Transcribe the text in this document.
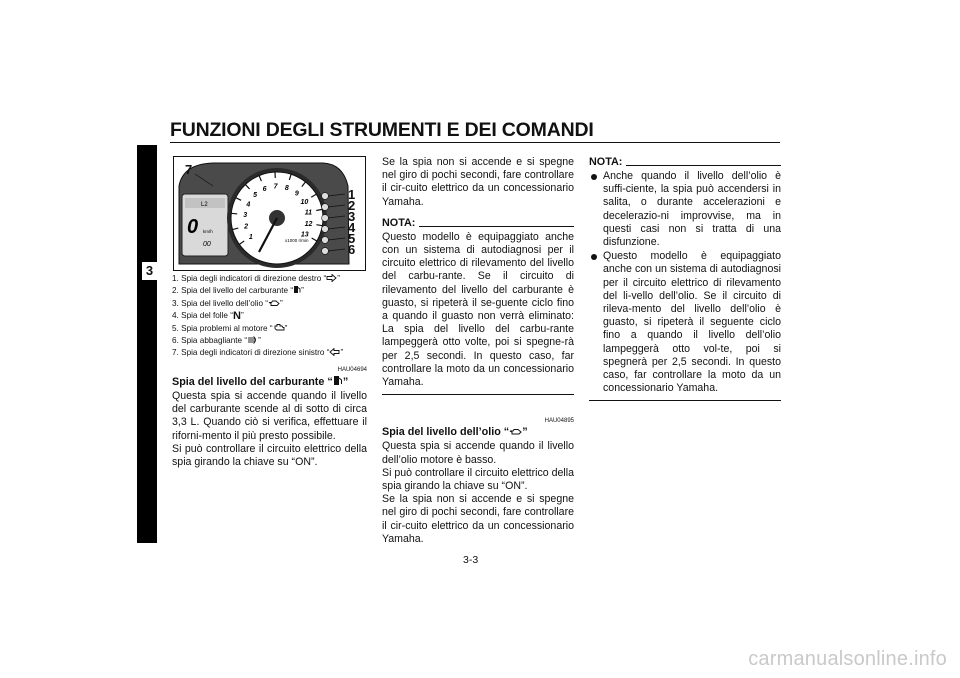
FUNZIONI DEGLI STRUMENTI E DEI COMANDI
3
1
2
3
4
5
6 7 8
9
10
11
12
13
x1000 r/min
0 km/h
L2
00
1
2
3
4
5
6
7
1. Spia degli indicatori di direzione destro “ ”
2. Spia del livello del carburante “ ”
3. Spia del livello dell’olio “ ”
4. Spia del folle “N”
5. Spia problemi al motore “ ”
6. Spia abbagliante “ ”
7. Spia degli indicatori di direzione sinistro “ ”
HAU04694
Spia del livello del carburante “ ”

Questa spia si accende quando il livello del carburante scende al di sotto di circa 3,3 L. Quando ciò si verifica, effettuare il riforni-mento il più presto possibile.

Si può controllare il circuito elettrico della spia girando la chiave su “ON”.

Se la spia non si accende e si spegne nel giro di pochi secondi, fare controllare il cir-cuito elettrico da un concessionario Yamaha.

NOTA:

Questo modello è equipaggiato anche con un sistema di autodiagnosi per il circuito elettrico di rilevamento del livello del carbu-rante. Se il circuito di rilevamento del livello del carburante è guasto, si ripeterà il se-guente ciclo fino a quando il guasto non verrà eliminato: La spia del livello del carbu-rante lampeggerà otto volte, poi si spegne-rà per 2,5 secondi. In questo caso, far controllare la moto da un concessionario Yamaha.

HAU04895
Spia del livello dell’olio “ ”

Questa spia si accende quando il livello dell’olio motore è basso.

Si può controllare il circuito elettrico della spia girando la chiave su “ON”.

Se la spia non si accende e si spegne nel giro di pochi secondi, fare controllare il cir-cuito elettrico da un concessionario Yamaha.

NOTA:
Anche quando il livello dell’olio è suffi-ciente, la spia può accendersi in salita, o durante accelerazioni e decelerazio-ni improvvise, ma in questi casi non si tratta di una disfunzione.
Questo modello è equipaggiato anche con un sistema di autodiagnosi per il circuito elettrico di rilevamento del li-vello dell’olio. Se il circuito di rileva-mento del livello dell’olio è guasto, si ripeterà il seguente ciclo fino a quando il livello dell’olio lampeggerà otto vol-te, poi si spegnerà per 2,5 secondi. In questo caso, far controllare la moto da un concessionario Yamaha.
3-3
carmanualsonline.info
